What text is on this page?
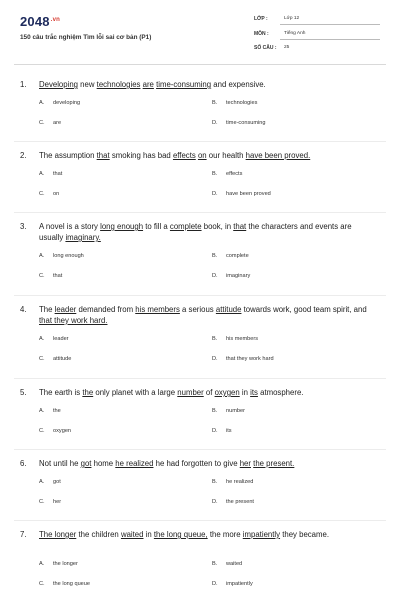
$2048^{.vn}$
150 câu trắc nghiệm Tìm lỗi sai cơ bản (P1)
LỚP :	Lớp 12
MÔN :	Tiếng Anh
SỐ CÂU : 25
1.	Developing new technologies are time-consuming and expensive.
A. developing	B. technologies
C. are	D. time-consuming
2.	The assumption that smoking has bad effects on our health have been proved.
A. that	B. effects
C. on	D. have been proved
3.	A novel is a story long enough to fill a complete book, in that the characters and events are usually imaginary.
A. long enough	B. complete
C. that	D. imaginary
4.	The leader demanded from his members a serious attitude towards work, good team spirit, and that they work hard.
A. leader	B. his members
C. attitude	D. that they work hard
5.	The earth is the only planet with a large number of oxygen in its atmosphere.
A. the	B. number
C. oxygen	D. its
6.	Not until he got home he realized he had forgotten to give her the present.
A. got	B. he realized
C. her	D. the present
7.	The longer the children waited in the long queue, the more impatiently they became.
A. the longer	B. waited
C. the long queue	D. impatiently
